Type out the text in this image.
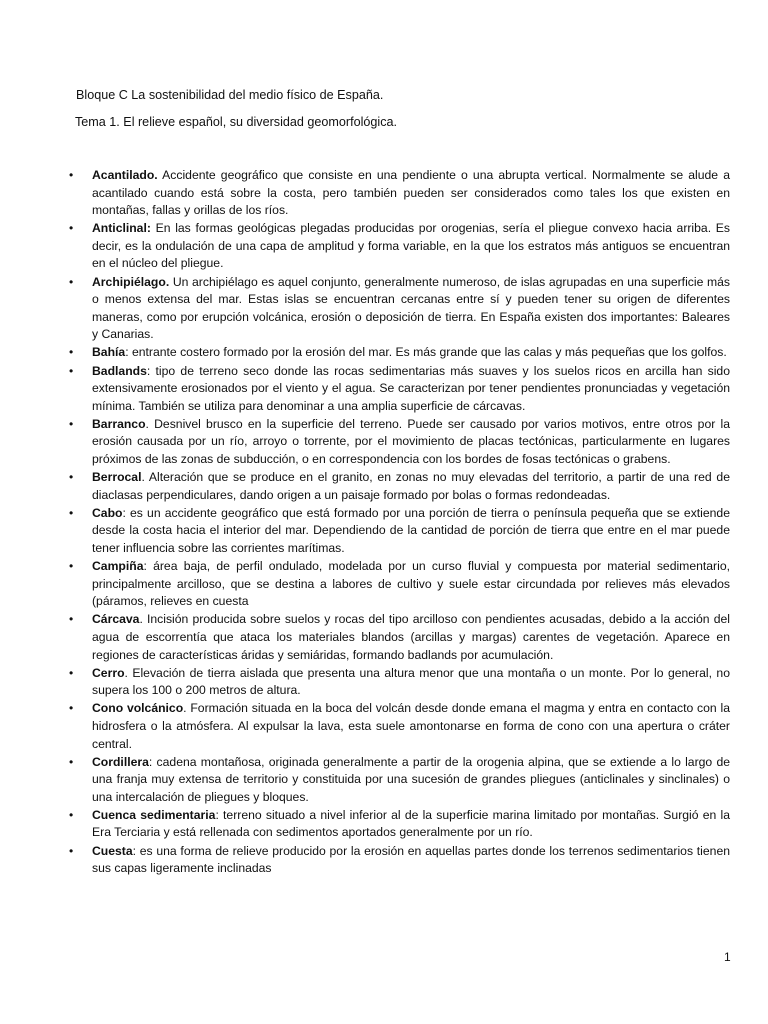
Bloque C La sostenibilidad del medio físico de España.
Tema 1. El relieve español, su diversidad geomorfológica.
• Acantilado. Accidente geográfico que consiste en una pendiente o una abrupta vertical. Normalmente se alude a acantilado cuando está sobre la costa, pero también pueden ser considerados como tales los que existen en montañas, fallas y orillas de los ríos.
• Anticlinal: En las formas geológicas plegadas producidas por orogenias, sería el pliegue convexo hacia arriba. Es decir, es la ondulación de una capa de amplitud y forma variable, en la que los estratos más antiguos se encuentran en el núcleo del pliegue.
• Archipiélago. Un archipiélago es aquel conjunto, generalmente numeroso, de islas agrupadas en una superficie más o menos extensa del mar. Estas islas se encuentran cercanas entre sí y pueden tener su origen de diferentes maneras, como por erupción volcánica, erosión o deposición de tierra. En España existen dos importantes: Baleares y Canarias.
• Bahía: entrante costero formado por la erosión del mar. Es más grande que las calas y más pequeñas que los golfos.
• Badlands: tipo de terreno seco donde las rocas sedimentarias más suaves y los suelos ricos en arcilla han sido extensivamente erosionados por el viento y el agua. Se caracterizan por tener pendientes pronunciadas y vegetación mínima. También se utiliza para denominar a una amplia superficie de cárcavas.
• Barranco. Desnivel brusco en la superficie del terreno. Puede ser causado por varios motivos, entre otros por la erosión causada por un río, arroyo o torrente, por el movimiento de placas tectónicas, particularmente en lugares próximos de las zonas de subducción, o en correspondencia con los bordes de fosas tectónicas o grabens.
• Berrocal. Alteración que se produce en el granito, en zonas no muy elevadas del territorio, a partir de una red de diaclasas perpendiculares, dando origen a un paisaje formado por bolas o formas redondeadas.
• Cabo: es un accidente geográfico que está formado por una porción de tierra o península pequeña que se extiende desde la costa hacia el interior del mar. Dependiendo de la cantidad de porción de tierra que entre en el mar puede tener influencia sobre las corrientes marítimas.
• Campiña: área baja, de perfil ondulado, modelada por un curso fluvial y compuesta por material sedimentario, principalmente arcilloso, que se destina a labores de cultivo y suele estar circundada por relieves más elevados (páramos, relieves en cuesta
• Cárcava. Incisión producida sobre suelos y rocas del tipo arcilloso con pendientes acusadas, debido a la acción del agua de escorrentía que ataca los materiales blandos (arcillas y margas) carentes de vegetación. Aparece en regiones de características áridas y semiáridas, formando badlands por acumulación.
• Cerro. Elevación de tierra aislada que presenta una altura menor que una montaña o un monte. Por lo general, no supera los 100 o 200 metros de altura.
• Cono volcánico. Formación situada en la boca del volcán desde donde emana el magma y entra en contacto con la hidrosfera o la atmósfera. Al expulsar la lava, esta suele amontonarse en forma de cono con una apertura o cráter central.
• Cordillera: cadena montañosa, originada generalmente a partir de la orogenia alpina, que se extiende a lo largo de una franja muy extensa de territorio y constituida por una sucesión de grandes pliegues (anticlinales y sinclinales) o una intercalación de pliegues y bloques.
• Cuenca sedimentaria: terreno situado a nivel inferior al de la superficie marina limitado por montañas. Surgió en la Era Terciaria y está rellenada con sedimentos aportados generalmente por un río.
• Cuesta: es una forma de relieve producido por la erosión en aquellas partes donde los terrenos sedimentarios tienen sus capas ligeramente inclinadas
1
